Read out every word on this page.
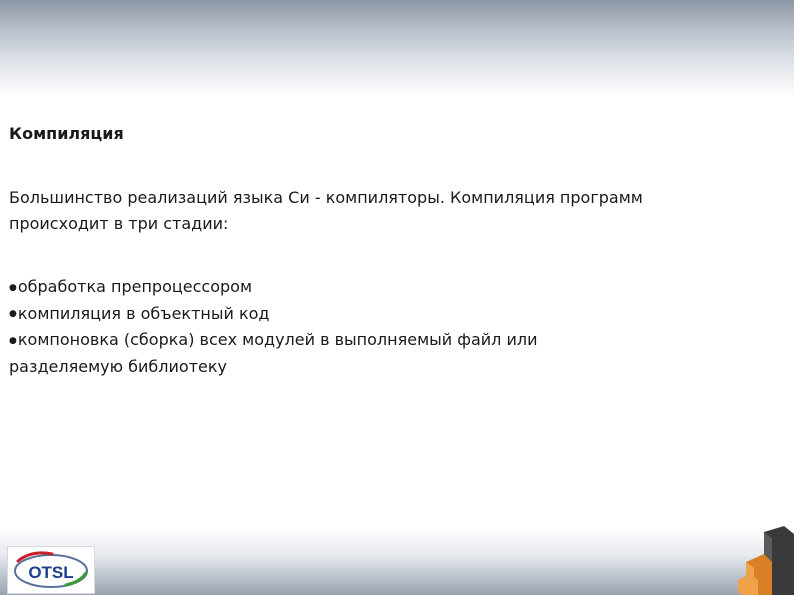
Компиляция

Большинство реализаций языка Си - компиляторы. Компиляция программ происходит в три стадии:

●обработка препроцессором
●компиляция в объектный код
●компоновка (сборка) всех модулей в выполняемый файл или разделяемую библиотеку
OTSL
